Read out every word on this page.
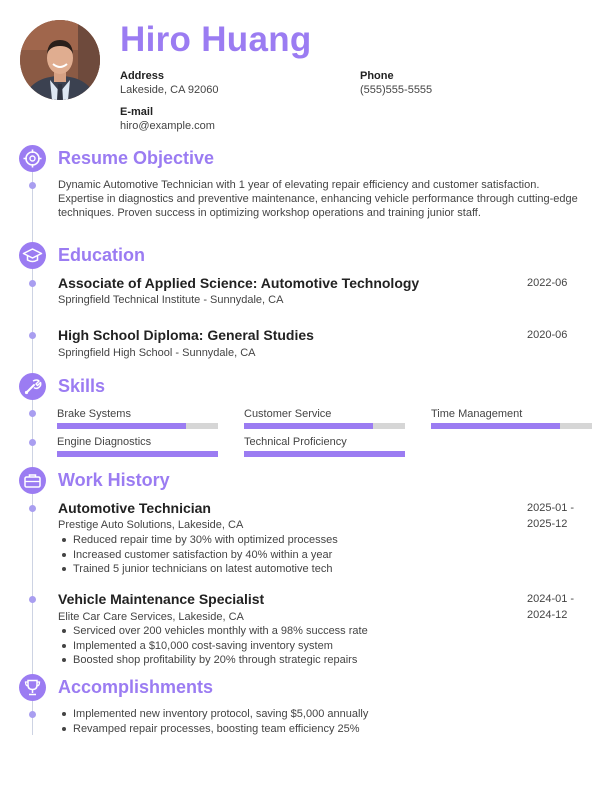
Hiro Huang
Address
Lakeside, CA 92060
Phone
(555)555-5555
E-mail
hiro@example.com
Resume Objective
Dynamic Automotive Technician with 1 year of elevating repair efficiency and customer satisfaction. Expertise in diagnostics and preventive maintenance, enhancing vehicle performance through cutting-edge techniques. Proven success in optimizing workshop operations and training junior staff.
Education
Associate of Applied Science: Automotive Technology	2022-06
Springfield Technical Institute - Sunnydale, CA
High School Diploma: General Studies	2020-06
Springfield High School - Sunnydale, CA
Skills
Brake Systems	Customer Service	Time Management
Engine Diagnostics	Technical Proficiency
Work History
Automotive Technician	2025-01 -
2025-12
Prestige Auto Solutions, Lakeside, CA
Reduced repair time by 30% with optimized processes
Increased customer satisfaction by 40% within a year
Trained 5 junior technicians on latest automotive tech
Vehicle Maintenance Specialist	2024-01 -
2024-12
Elite Car Care Services, Lakeside, CA
Serviced over 200 vehicles monthly with a 98% success rate
Implemented a $10,000 cost-saving inventory system
Boosted shop profitability by 20% through strategic repairs
Accomplishments
Implemented new inventory protocol, saving $5,000 annually
Revamped repair processes, boosting team efficiency 25%
